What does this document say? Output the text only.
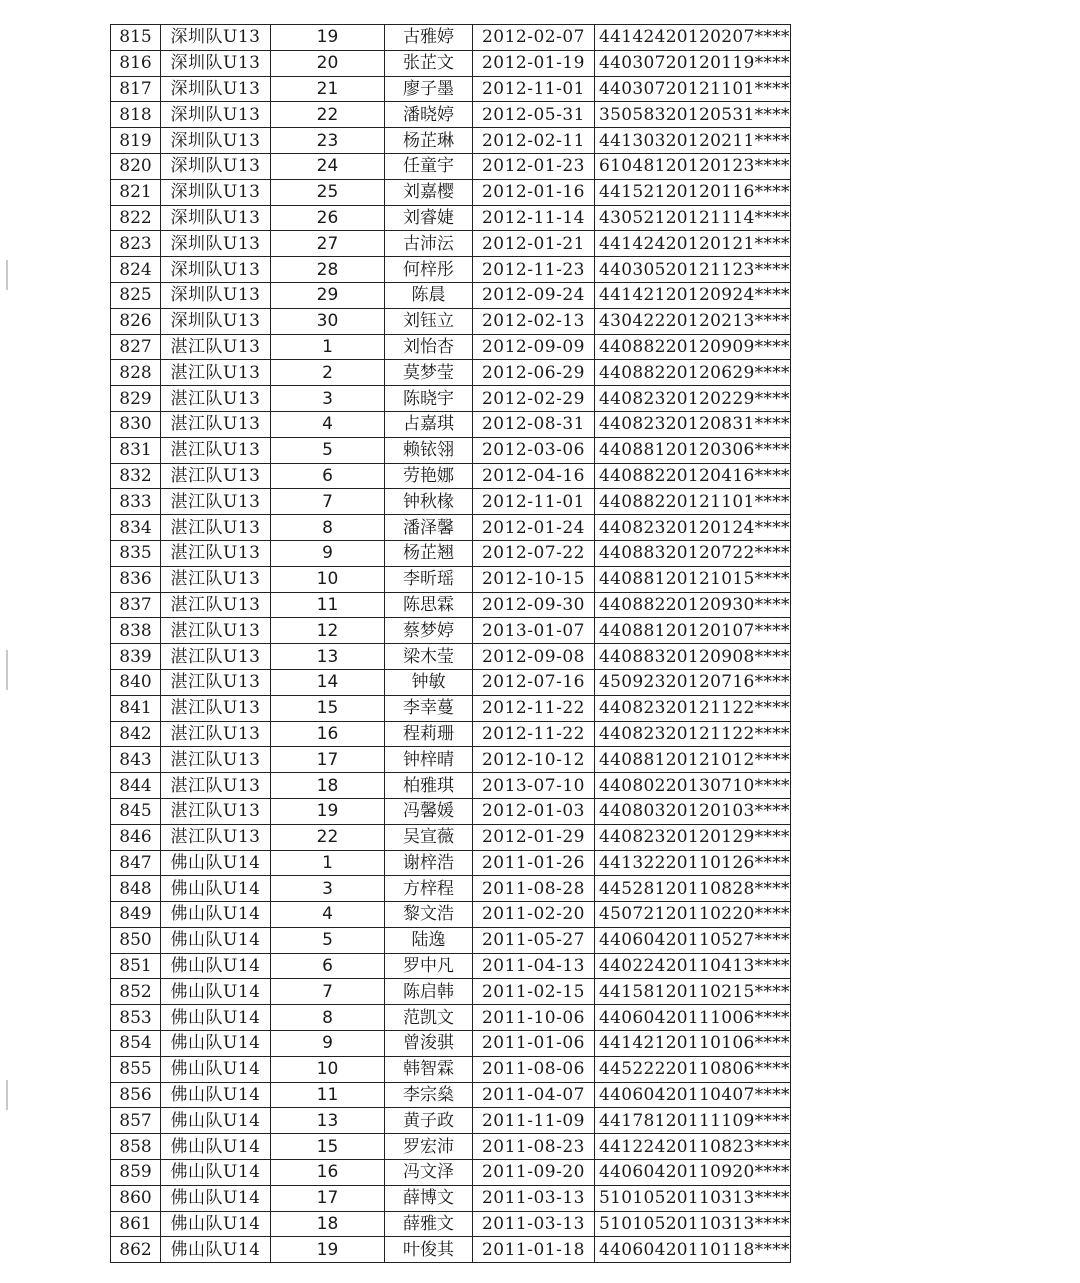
815	深圳队U13	19	古雅婷	2012-02-07	44142420120207****
816	深圳队U13	20	张芷文	2012-01-19	44030720120119****
817	深圳队U13	21	廖子墨	2012-11-01	44030720121101****
818	深圳队U13	22	潘晓婷	2012-05-31	35058320120531****
819	深圳队U13	23	杨芷琳	2012-02-11	44130320120211****
820	深圳队U13	24	任童宇	2012-01-23	61048120120123****
821	深圳队U13	25	刘嘉樱	2012-01-16	44152120120116****
822	深圳队U13	26	刘睿婕	2012-11-14	43052120121114****
823	深圳队U13	27	古沛沄	2012-01-21	44142420120121****
824	深圳队U13	28	何梓彤	2012-11-23	44030520121123****
825	深圳队U13	29	陈晨	2012-09-24	44142120120924****
826	深圳队U13	30	刘钰立	2012-02-13	43042220120213****
827	湛江队U13	1	刘怡杏	2012-09-09	44088220120909****
828	湛江队U13	2	莫梦莹	2012-06-29	44088220120629****
829	湛江队U13	3	陈晓宇	2012-02-29	44082320120229****
830	湛江队U13	4	占嘉琪	2012-08-31	44082320120831****
831	湛江队U13	5	赖铱翎	2012-03-06	44088120120306****
832	湛江队U13	6	劳艳娜	2012-04-16	44088220120416****
833	湛江队U13	7	钟秋椽	2012-11-01	44088220121101****
834	湛江队U13	8	潘泽馨	2012-01-24	44082320120124****
835	湛江队U13	9	杨芷翘	2012-07-22	44088320120722****
836	湛江队U13	10	李昕瑶	2012-10-15	44088120121015****
837	湛江队U13	11	陈思霖	2012-09-30	44088220120930****
838	湛江队U13	12	蔡梦婷	2013-01-07	44088120120107****
839	湛江队U13	13	梁木莹	2012-09-08	44088320120908****
840	湛江队U13	14	钟敏	2012-07-16	45092320120716****
841	湛江队U13	15	李幸蔓	2012-11-22	44082320121122****
842	湛江队U13	16	程莉珊	2012-11-22	44082320121122****
843	湛江队U13	17	钟梓晴	2012-10-12	44088120121012****
844	湛江队U13	18	柏雅琪	2013-07-10	44080220130710****
845	湛江队U13	19	冯馨媛	2012-01-03	44080320120103****
846	湛江队U13	22	吴宣薇	2012-01-29	44082320120129****
847	佛山队U14	1	谢梓浩	2011-01-26	44132220110126****
848	佛山队U14	3	方梓程	2011-08-28	44528120110828****
849	佛山队U14	4	黎文浩	2011-02-20	45072120110220****
850	佛山队U14	5	陆逸	2011-05-27	44060420110527****
851	佛山队U14	6	罗中凡	2011-04-13	44022420110413****
852	佛山队U14	7	陈启韩	2011-02-15	44158120110215****
853	佛山队U14	8	范凯文	2011-10-06	44060420111006****
854	佛山队U14	9	曾浚骐	2011-01-06	44142120110106****
855	佛山队U14	10	韩智霖	2011-08-06	44522220110806****
856	佛山队U14	11	李宗燊	2011-04-07	44060420110407****
857	佛山队U14	13	黄子政	2011-11-09	44178120111109****
858	佛山队U14	15	罗宏沛	2011-08-23	44122420110823****
859	佛山队U14	16	冯文泽	2011-09-20	44060420110920****
860	佛山队U14	17	薛博文	2011-03-13	51010520110313****
861	佛山队U14	18	薛雅文	2011-03-13	51010520110313****
862	佛山队U14	19	叶俊其	2011-01-18	44060420110118****
